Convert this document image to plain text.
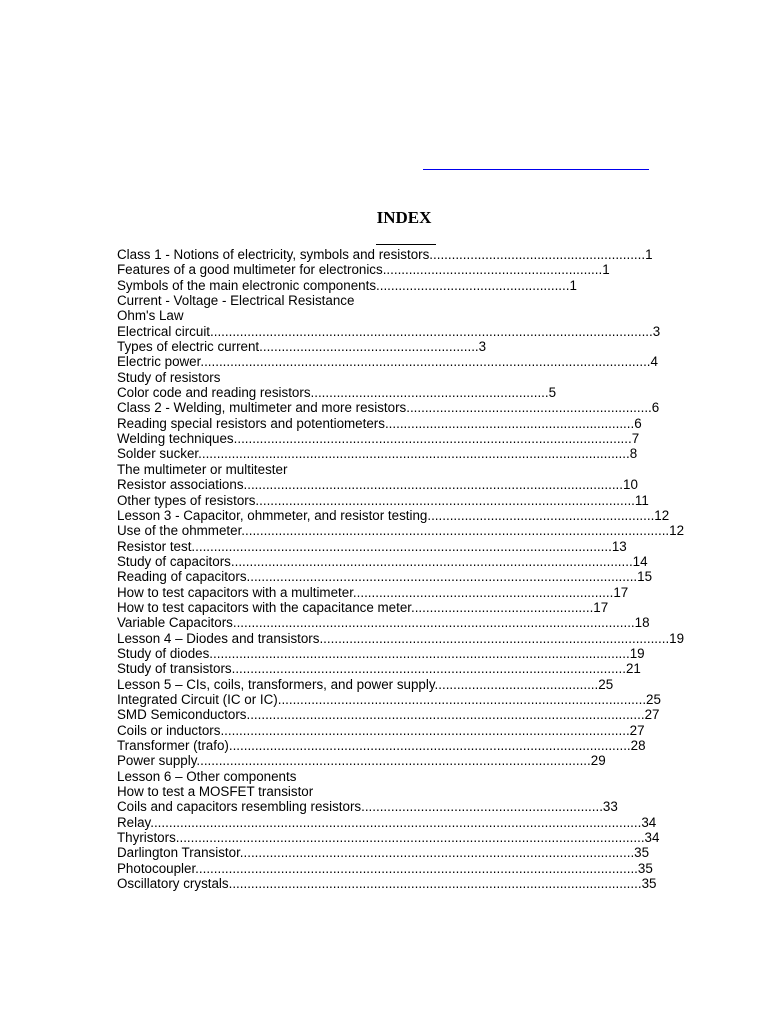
INDEX
Class 1 - Notions of electricity, symbols and resistors..........................................................1
Features of a good multimeter for electronics...........................................................1
Symbols of the main electronic components....................................................1
Current - Voltage - Electrical Resistance
Ohm's Law
Electrical circuit.......................................................................................................................3
Types of electric current...........................................................3
Electric power.........................................................................................................................4
Study of resistors
Color code and reading resistors................................................................5
Class 2 - Welding, multimeter and more resistors..................................................................6
Reading special resistors and potentiometers...................................................................6
Welding techniques...........................................................................................................7
Solder sucker....................................................................................................................8
The multimeter or multitester
Resistor associations......................................................................................................10
Other types of resistors......................................................................................................11
Lesson 3 - Capacitor, ohmmeter, and resistor testing.............................................................12
Use of the ohmmeter...................................................................................................................12
Resistor test.................................................................................................................13
Study of capacitors............................................................................................................14
Reading of capacitors.........................................................................................................15
How to test capacitors with a multimeter......................................................................17
How to test capacitors with the capacitance meter.................................................17
Variable Capacitors............................................................................................................18
Lesson 4 – Diodes and transistors..............................................................................................19
Study of diodes.................................................................................................................19
Study of transistors..........................................................................................................21
Lesson 5 – CIs, coils, transformers, and power supply............................................25
Integrated Circuit (IC or IC)...................................................................................................25
SMD Semiconductors...........................................................................................................27
Coils or inductors..............................................................................................................27
Transformer (trafo)............................................................................................................28
Power supply..........................................................................................................29
Lesson 6 – Other components
How to test a MOSFET transistor
Coils and capacitors resembling resistors.................................................................33
Relay....................................................................................................................................34
Thyristors..............................................................................................................................34
Darlington Transistor..........................................................................................................35
Photocoupler.......................................................................................................................35
Oscillatory crystals...............................................................................................................35
